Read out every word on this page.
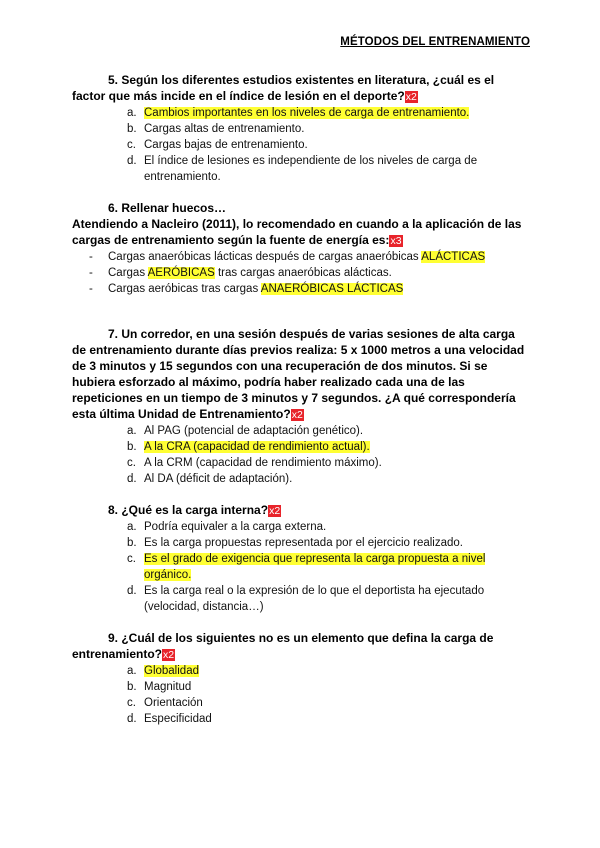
MÉTODOS DEL ENTRENAMIENTO
5. Según los diferentes estudios existentes en literatura, ¿cuál es el
factor que más incide en el índice de lesión en el deporte?x2
a. Cambios importantes en los niveles de carga de entrenamiento.
b. Cargas altas de entrenamiento.
c. Cargas bajas de entrenamiento.
d. El índice de lesiones es independiente de los niveles de carga de entrenamiento.
6. Rellenar huecos…
Atendiendo a Nacleiro (2011), lo recomendado en cuando a la aplicación de las cargas de entrenamiento según la fuente de energía es:x3
- Cargas anaeróbicas lácticas después de cargas anaeróbicas ALÁCTICAS
- Cargas AERÓBICAS tras cargas anaeróbicas alácticas.
- Cargas aeróbicas tras cargas ANAERÓBICAS LÁCTICAS
7. Un corredor, en una sesión después de varias sesiones de alta carga
de entrenamiento durante días previos realiza: 5 x 1000 metros a una velocidad de 3 minutos y 15 segundos con una recuperación de dos minutos. Si se hubiera esforzado al máximo, podría haber realizado cada una de las repeticiones en un tiempo de 3 minutos y 7 segundos. ¿A qué correspondería esta última Unidad de Entrenamiento?x2
a. Al PAG (potencial de adaptación genético).
b. A la CRA (capacidad de rendimiento actual).
c. A la CRM (capacidad de rendimiento máximo).
d. Al DA (déficit de adaptación).
8. ¿Qué es la carga interna?x2
a. Podría equivaler a la carga externa.
b. Es la carga propuestas representada por el ejercicio realizado.
c. Es el grado de exigencia que representa la carga propuesta a nivel orgánico.
d. Es la carga real o la expresión de lo que el deportista ha ejecutado (velocidad, distancia…)
9. ¿Cuál de los siguientes no es un elemento que defina la carga de
entrenamiento?x2
a. Globalidad
b. Magnitud
c. Orientación
d. Especificidad
